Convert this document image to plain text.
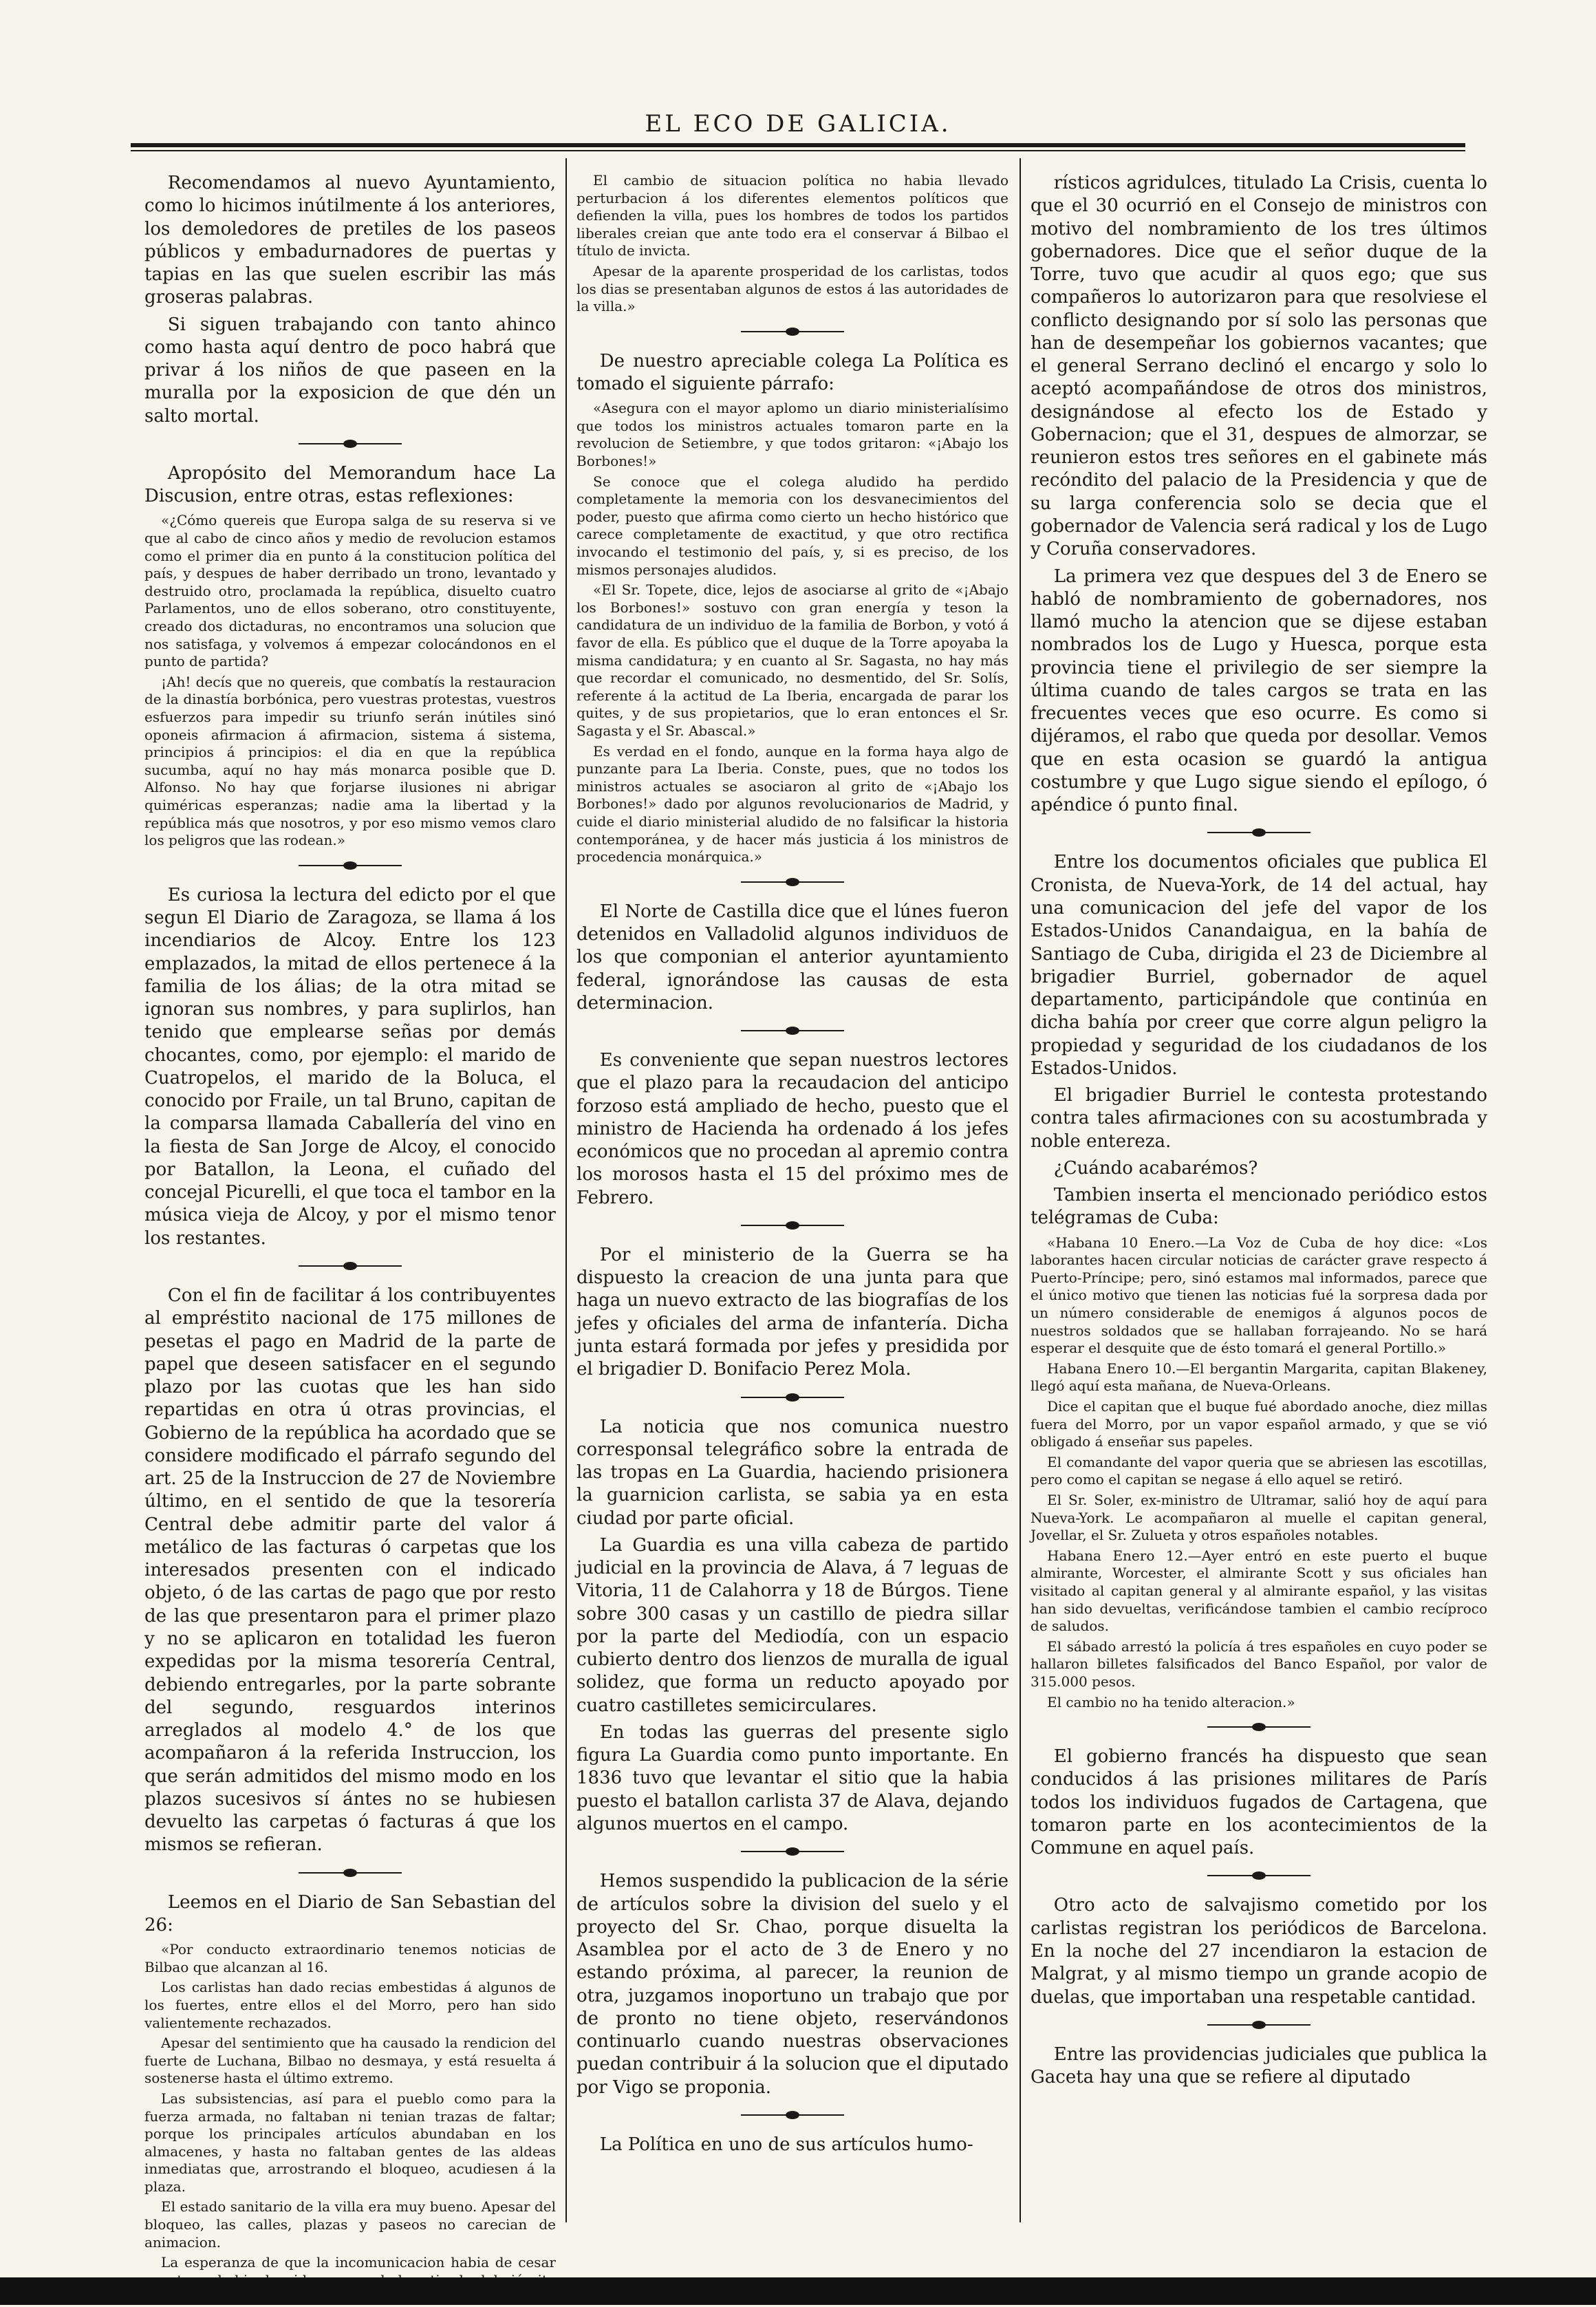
EL ECO DE GALICIA.

Recomendamos al nuevo Ayuntamiento, como lo hicimos inútilmente á los anteriores, los demoledores de pretiles de los paseos públicos y embadurnadores de puertas y tapias en las que suelen escribir las más groseras palabras.

Si siguen trabajando con tanto ahinco como hasta aquí dentro de poco habrá que privar á los niños de que paseen en la muralla por la exposicion de que dén un salto mortal.

Apropósito del Memorandum hace La Discusion, entre otras, estas reflexiones:

«¿Cómo quereis que Europa salga de su reserva si ve que al cabo de cinco años y medio de revolucion estamos como el primer dia en punto á la constitucion política del país, y despues de haber derribado un trono, levantado y destruido otro, proclamada la república, disuelto cuatro Parlamentos, uno de ellos soberano, otro constituyente, creado dos dictaduras, no encontramos una solucion que nos satisfaga, y volvemos á empezar colocándonos en el punto de partida?

¡Ah! decís que no quereis, que combatís la restauracion de la dinastía borbónica, pero vuestras protestas, vuestros esfuerzos para impedir su triunfo serán inútiles sinó oponeis afirmacion á afirmacion, sistema á sistema, principios á principios: el dia en que la república sucumba, aquí no hay más monarca posible que D. Alfonso. No hay que forjarse ilusiones ni abrigar quiméricas esperanzas; nadie ama la libertad y la república más que nosotros, y por eso mismo vemos claro los peligros que las rodean.»

Es curiosa la lectura del edicto por el que segun El Diario de Zaragoza, se llama á los incendiarios de Alcoy. Entre los 123 emplazados, la mitad de ellos pertenece á la familia de los álias; de la otra mitad se ignoran sus nombres, y para suplirlos, han tenido que emplearse señas por demás chocantes, como, por ejemplo: el marido de Cuatropelos, el marido de la Boluca, el conocido por Fraile, un tal Bruno, capitan de la comparsa llamada Caballería del vino en la fiesta de San Jorge de Alcoy, el conocido por Batallon, la Leona, el cuñado del concejal Picurelli, el que toca el tambor en la música vieja de Alcoy, y por el mismo tenor los restantes.

Con el fin de facilitar á los contribuyentes al empréstito nacional de 175 millones de pesetas el pago en Madrid de la parte de papel que deseen satisfacer en el segundo plazo por las cuotas que les han sido repartidas en otra ú otras provincias, el Gobierno de la república ha acordado que se considere modificado el párrafo segundo del art. 25 de la Instruccion de 27 de Noviembre último, en el sentido de que la tesorería Central debe admitir parte del valor á metálico de las facturas ó carpetas que los interesados presenten con el indicado objeto, ó de las cartas de pago que por resto de las que presentaron para el primer plazo y no se aplicaron en totalidad les fueron expedidas por la misma tesorería Central, debiendo entregarles, por la parte sobrante del segundo, resguardos interinos arreglados al modelo 4.° de los que acompañaron á la referida Instruccion, los que serán admitidos del mismo modo en los plazos sucesivos sí ántes no se hubiesen devuelto las carpetas ó facturas á que los mismos se refieran.

Leemos en el Diario de San Sebastian del 26:

«Por conducto extraordinario tenemos noticias de Bilbao que alcanzan al 16.

Los carlistas han dado recias embestidas á algunos de los fuertes, entre ellos el del Morro, pero han sido valientemente rechazados.

Apesar del sentimiento que ha causado la rendicion del fuerte de Luchana, Bilbao no desmaya, y está resuelta á sostenerse hasta el último extremo.

Las subsistencias, así para el pueblo como para la fuerza armada, no faltaban ni tenian trazas de faltar; porque los principales artículos abundaban en los almacenes, y hasta no faltaban gentes de las aldeas inmediatas que, arrostrando el bloqueo, acudiesen á la plaza.

El estado sanitario de la villa era muy bueno. Apesar del bloqueo, las calles, plazas y paseos no carecian de animacion.

La esperanza de que la incomunicacion habia de cesar

El cambio de situacion política no habia llevado perturbacion á los diferentes elementos políticos que defienden la villa, pues los hombres de todos los partidos liberales creian que ante todo era el conservar á Bilbao el título de invicta.

Apesar de la aparente prosperidad de los carlistas, todos los dias se presentaban algunos de estos á las autoridades de la villa.»

De nuestro apreciable colega La Política es tomado el siguiente párrafo:

«Asegura con el mayor aplomo un diario ministerialísimo que todos los ministros actuales tomaron parte en la revolucion de Setiembre, y que todos gritaron: «¡Abajo los Borbones!»

Se conoce que el colega aludido ha perdido completamente la memoria con los desvanecimientos del poder, puesto que afirma como cierto un hecho histórico que carece completamente de exactitud, y que otro rectifica invocando el testimonio del país, y, si es preciso, de los mismos personajes aludidos.

«El Sr. Topete, dice, lejos de asociarse al grito de «¡Abajo los Borbones!» sostuvo con gran energía y teson la candidatura de un individuo de la familia de Borbon, y votó á favor de ella. Es público que el duque de la Torre apoyaba la misma candidatura; y en cuanto al Sr. Sagasta, no hay más que recordar el comunicado, no desmentido, del Sr. Solís, referente á la actitud de La Iberia, encargada de parar los quites, y de sus propietarios, que lo eran entonces el Sr. Sagasta y el Sr. Abascal.»

Es verdad en el fondo, aunque en la forma haya algo de punzante para La Iberia. Conste, pues, que no todos los ministros actuales se asociaron al grito de «¡Abajo los Borbones!» dado por algunos revolucionarios de Madrid, y cuide el diario ministerial aludido de no falsificar la historia contemporánea, y de hacer más justicia á los ministros de procedencia monárquica.»

El Norte de Castilla dice que el lúnes fueron detenidos en Valladolid algunos individuos de los que componian el anterior ayuntamiento federal, ignorándose las causas de esta determinacion.

Es conveniente que sepan nuestros lectores que el plazo para la recaudacion del anticipo forzoso está ampliado de hecho, puesto que el ministro de Hacienda ha ordenado á los jefes económicos que no procedan al apremio contra los morosos hasta el 15 del próximo mes de Febrero.

Por el ministerio de la Guerra se ha dispuesto la creacion de una junta para que haga un nuevo extracto de las biografías de los jefes y oficiales del arma de infantería. Dicha junta estará formada por jefes y presidida por el brigadier D. Bonifacio Perez Mola.

La noticia que nos comunica nuestro corresponsal telegráfico sobre la entrada de las tropas en La Guardia, haciendo prisionera la guarnicion carlista, se sabia ya en esta ciudad por parte oficial.

La Guardia es una villa cabeza de partido judicial en la provincia de Alava, á 7 leguas de Vitoria, 11 de Calahorra y 18 de Búrgos. Tiene sobre 300 casas y un castillo de piedra sillar por la parte del Mediodía, con un espacio cubierto dentro dos lienzos de muralla de igual solidez, que forma un reducto apoyado por cuatro castilletes semicirculares.

En todas las guerras del presente siglo figura La Guardia como punto importante. En 1836 tuvo que levantar el sitio que la habia puesto el batallon carlista 37 de Alava, dejando algunos muertos en el campo.

Hemos suspendido la publicacion de la série de artículos sobre la division del suelo y el proyecto del Sr. Chao, porque disuelta la Asamblea por el acto de 3 de Enero y no estando próxima, al parecer, la reunion de otra, juzgamos inoportuno un trabajo que por de pronto no tiene objeto, reservándonos continuarlo cuando nuestras observaciones puedan contribuir á la solucion que el diputado por Vigo se proponia.

La Política en uno de sus artículos humo-

rísticos agridulces, titulado La Crisis, cuenta lo que el 30 ocurrió en el Consejo de ministros con motivo del nombramiento de los tres últimos gobernadores. Dice que el señor duque de la Torre, tuvo que acudir al quos ego; que sus compañeros lo autorizaron para que resolviese el conflicto designando por sí solo las personas que han de desempeñar los gobiernos vacantes; que el general Serrano declinó el encargo y solo lo aceptó acompañándose de otros dos ministros, designándose al efecto los de Estado y Gobernacion; que el 31, despues de almorzar, se reunieron estos tres señores en el gabinete más recóndito del palacio de la Presidencia y que de su larga conferencia solo se decia que el gobernador de Valencia será radical y los de Lugo y Coruña conservadores.

La primera vez que despues del 3 de Enero se habló de nombramiento de gobernadores, nos llamó mucho la atencion que se dijese estaban nombrados los de Lugo y Huesca, porque esta provincia tiene el privilegio de ser siempre la última cuando de tales cargos se trata en las frecuentes veces que eso ocurre. Es como si dijéramos, el rabo que queda por desollar. Vemos que en esta ocasion se guardó la antigua costumbre y que Lugo sigue siendo el epílogo, ó apéndice ó punto final.

Entre los documentos oficiales que publica El Cronista, de Nueva-York, de 14 del actual, hay una comunicacion del jefe del vapor de los Estados-Unidos Canandaigua, en la bahía de Santiago de Cuba, dirigida el 23 de Diciembre al brigadier Burriel, gobernador de aquel departamento, participándole que continúa en dicha bahía por creer que corre algun peligro la propiedad y seguridad de los ciudadanos de los Estados-Unidos.

El brigadier Burriel le contesta protestando contra tales afirmaciones con su acostumbrada y noble entereza.

¿Cuándo acabarémos?

Tambien inserta el mencionado periódico estos telégramas de Cuba:

«Habana 10 Enero.—La Voz de Cuba de hoy dice: «Los laborantes hacen circular noticias de carácter grave respecto á Puerto-Príncipe; pero, sinó estamos mal informados, parece que el único motivo que tienen las noticias fué la sorpresa dada por un número considerable de enemigos á algunos pocos de nuestros soldados que se hallaban forrajeando. No se hará esperar el desquite que de ésto tomará el general Portillo.»

Habana Enero 10.—El bergantin Margarita, capitan Blakeney, llegó aquí esta mañana, de Nueva-Orleans.

Dice el capitan que el buque fué abordado anoche, diez millas fuera del Morro, por un vapor español armado, y que se vió obligado á enseñar sus papeles.

El comandante del vapor queria que se abriesen las escotillas, pero como el capitan se negase á ello aquel se retiró.

El Sr. Soler, ex-ministro de Ultramar, salió hoy de aquí para Nueva-York. Le acompañaron al muelle el capitan general, Jovellar, el Sr. Zulueta y otros españoles notables.

Habana Enero 12.—Ayer entró en este puerto el buque almirante, Worcester, el almirante Scott y sus oficiales han visitado al capitan general y al almirante español, y las visitas han sido devueltas, verificándose tambien el cambio recíproco de saludos.

El sábado arrestó la policía á tres españoles en cuyo poder se hallaron billetes falsificados del Banco Español, por valor de 315.000 pesos.

El cambio no ha tenido alteracion.»

El gobierno francés ha dispuesto que sean conducidos á las prisiones militares de París todos los individuos fugados de Cartagena, que tomaron parte en los acontecimientos de la Commune en aquel país.

Otro acto de salvajismo cometido por los carlistas registran los periódicos de Barcelona. En la noche del 27 incendiaron la estacion de Malgrat, y al mismo tiempo un grande acopio de duelas, que importaban una respetable cantidad.

Entre las providencias judiciales que publica la Gaceta hay una que se refiere al diputado
